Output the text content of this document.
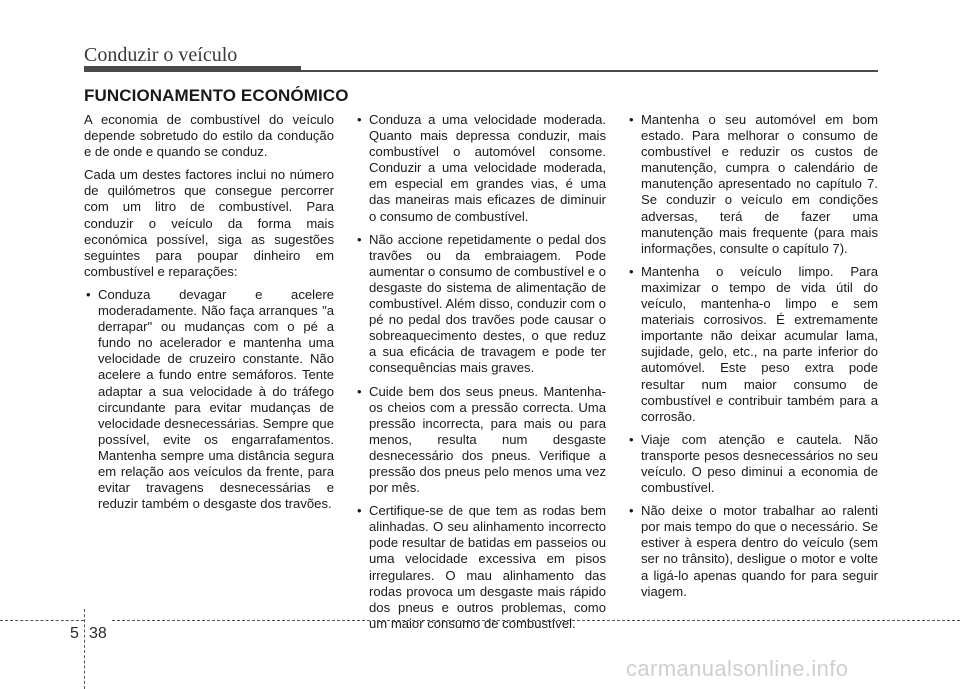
Conduzir o veículo
FUNCIONAMENTO ECONÓMICO

A economia de combustível do veículo depende sobretudo do estilo da condução e de onde e quando se conduz.

Cada um destes factores inclui no número de quilómetros que consegue percorrer com um litro de combustível. Para conduzir o veículo da forma mais económica possível, siga as sugestões seguintes para poupar dinheiro em combustível e reparações:

• Conduza devagar e acelere moderadamente. Não faça arranques "a derrapar" ou mudanças com o pé a fundo no acelerador e mantenha uma velocidade de cruzeiro constante. Não acelere a fundo entre semáforos. Tente adaptar a sua velocidade à do tráfego circundante para evitar mudanças de velocidade desnecessárias. Sempre que possível, evite os engarrafamentos. Mantenha sempre uma distância segura em relação aos veículos da frente, para evitar travagens desnecessárias e reduzir também o desgaste dos travões.
• Conduza a uma velocidade moderada. Quanto mais depressa conduzir, mais combustível o automóvel consome. Conduzir a uma velocidade moderada, em especial em grandes vias, é uma das maneiras mais eficazes de diminuir o consumo de combustível.
• Não accione repetidamente o pedal dos travões ou da embraiagem. Pode aumentar o consumo de combustível e o desgaste do sistema de alimentação de combustível. Além disso, conduzir com o pé no pedal dos travões pode causar o sobreaquecimento destes, o que reduz a sua eficácia de travagem e pode ter consequências mais graves.
• Cuide bem dos seus pneus. Mantenha-os cheios com a pressão correcta. Uma pressão incorrecta, para mais ou para menos, resulta num desgaste desnecessário dos pneus. Verifique a pressão dos pneus pelo menos uma vez por mês.
• Certifique-se de que tem as rodas bem alinhadas. O seu alinhamento incorrecto pode resultar de batidas em passeios ou uma velocidade excessiva em pisos irregulares. O mau alinhamento das rodas provoca um desgaste mais rápido dos pneus e outros problemas, como um maior consumo de combustível.
• Mantenha o seu automóvel em bom estado. Para melhorar o consumo de combustível e reduzir os custos de manutenção, cumpra o calendário de manutenção apresentado no capítulo 7. Se conduzir o veículo em condições adversas, terá de fazer uma manutenção mais frequente (para mais informações, consulte o capítulo 7).
• Mantenha o veículo limpo. Para maximizar o tempo de vida útil do veículo, mantenha-o limpo e sem materiais corrosivos. É extremamente importante não deixar acumular lama, sujidade, gelo, etc., na parte inferior do automóvel. Este peso extra pode resultar num maior consumo de combustível e contribuir também para a corrosão.
• Viaje com atenção e cautela. Não transporte pesos desnecessários no seu veículo. O peso diminui a economia de combustível.
• Não deixe o motor trabalhar ao ralenti por mais tempo do que o necessário. Se estiver à espera dentro do veículo (sem ser no trânsito), desligue o motor e volte a ligá-lo apenas quando for para seguir viagem.
5 38
carmanualsonline.info
